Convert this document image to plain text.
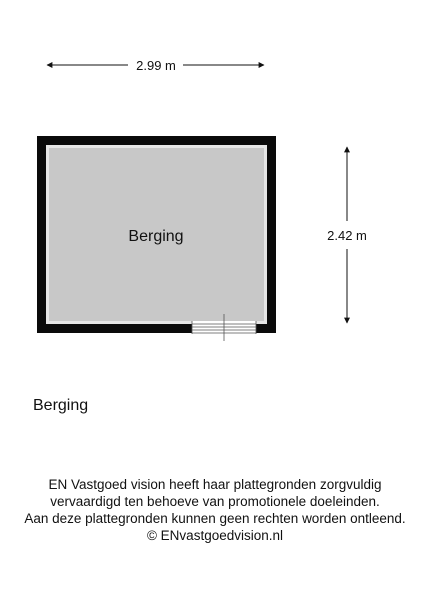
2.99 m
2.42 m
Berging
Berging
EN Vastgoed vision heeft haar plattegronden zorgvuldig
vervaardigd ten behoeve van promotionele doeleinden.
Aan deze plattegronden kunnen geen rechten worden ontleend.
© ENvastgoedvision.nl
